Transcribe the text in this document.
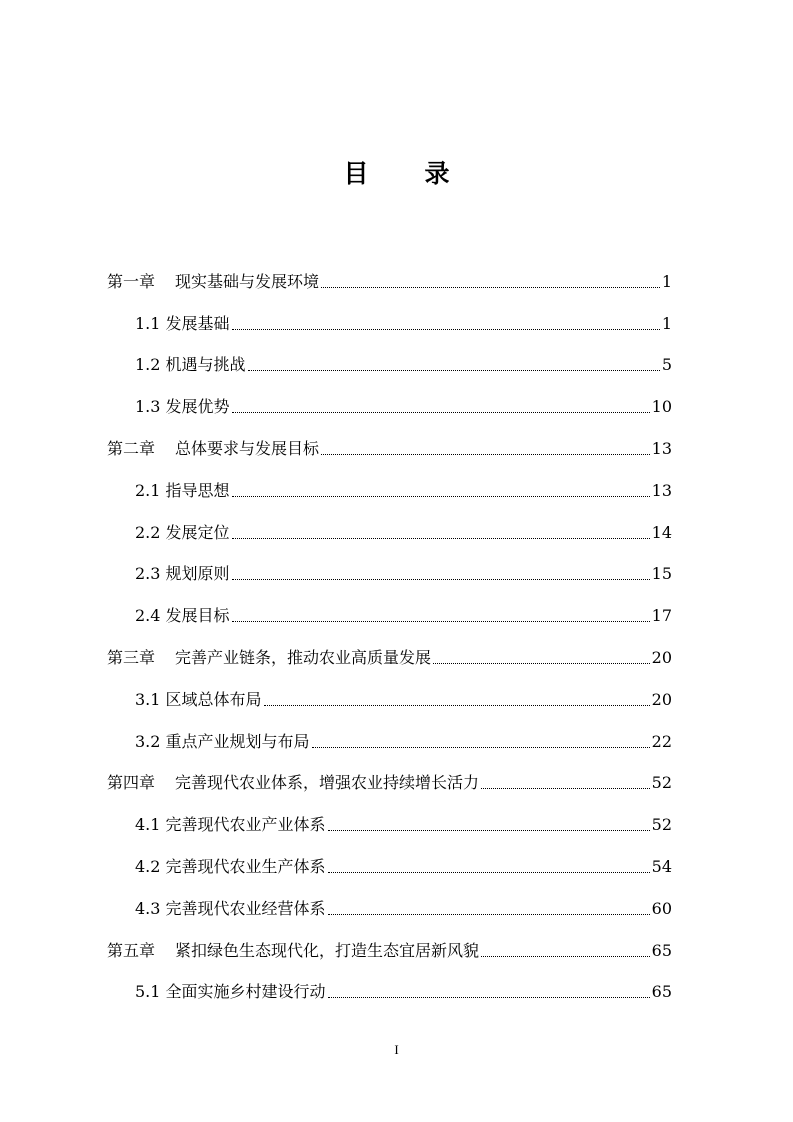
目录
第一章 现实基础与发展环境	1
1.1 发展基础	1
1.2 机遇与挑战	5
1.3 发展优势	10
第二章 总体要求与发展目标	13
2.1 指导思想	13
2.2 发展定位	14
2.3 规划原则	15
2.4 发展目标	17
第三章 完善产业链条，推动农业高质量发展	20
3.1 区域总体布局	20
3.2 重点产业规划与布局	22
第四章 完善现代农业体系，增强农业持续增长活力	52
4.1 完善现代农业产业体系	52
4.2 完善现代农业生产体系	54
4.3 完善现代农业经营体系	60
第五章 紧扣绿色生态现代化，打造生态宜居新风貌	65
5.1 全面实施乡村建设行动	65
I
